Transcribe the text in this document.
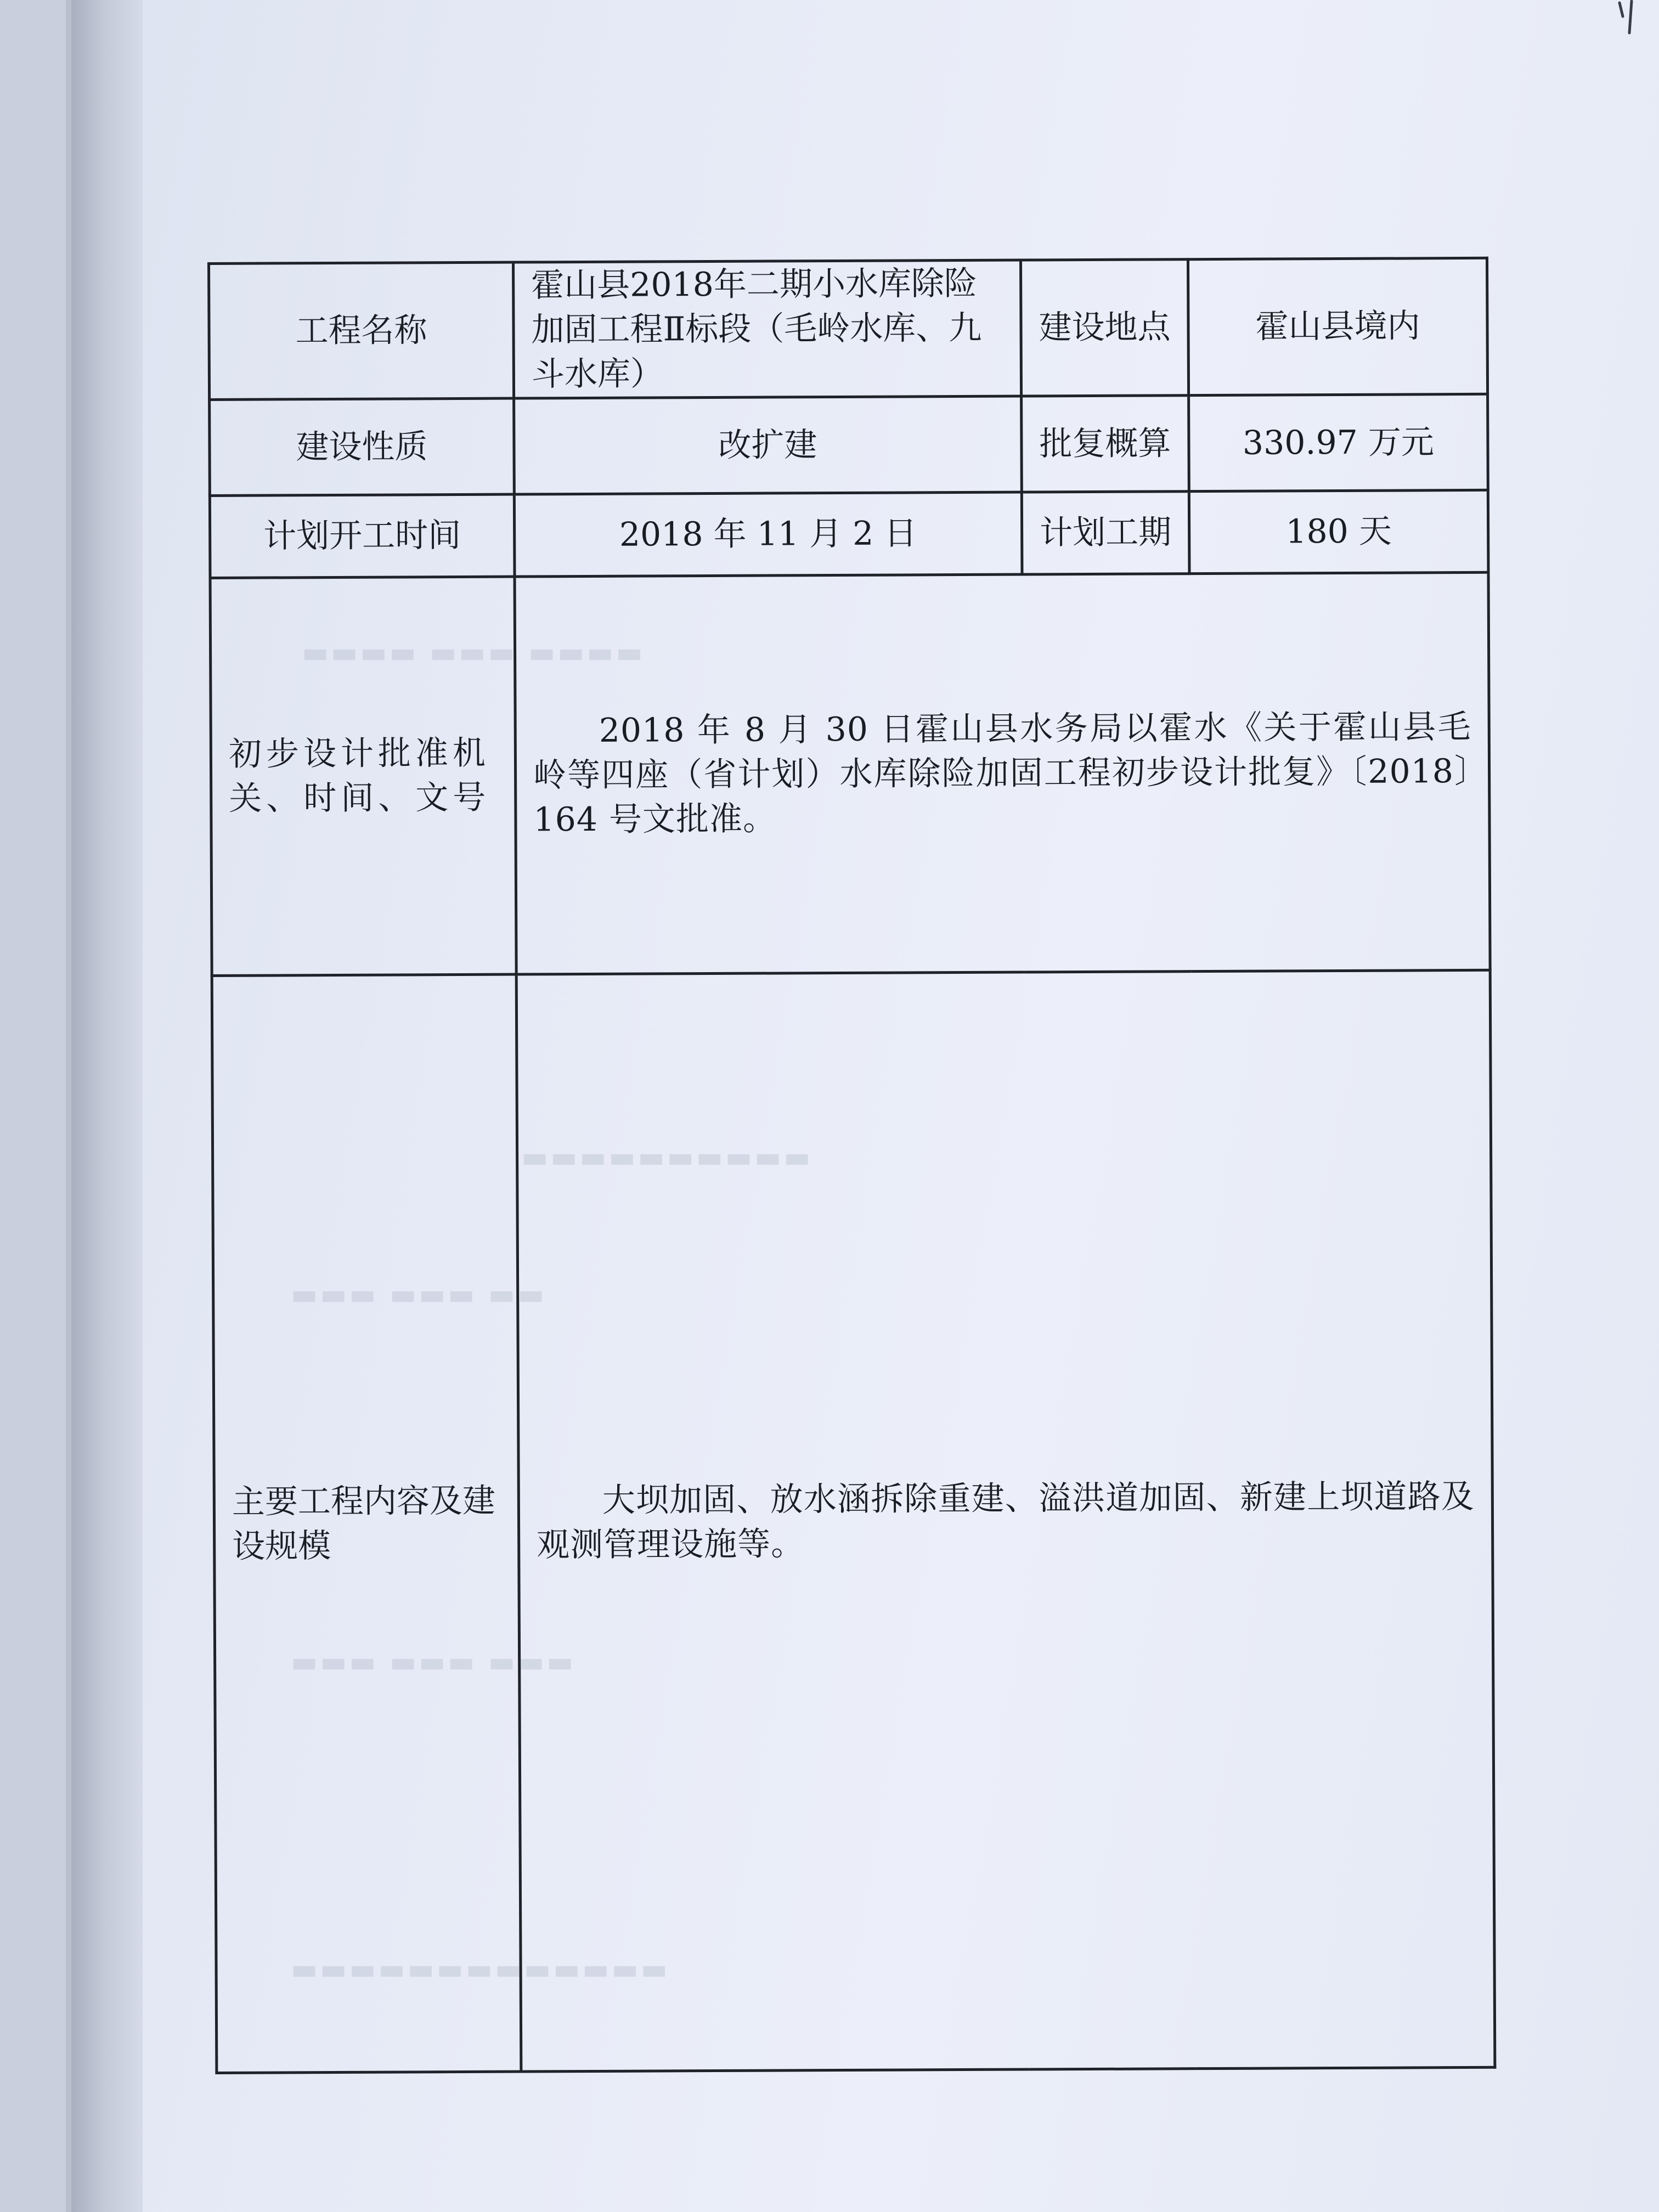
▬▬▬▬ ▬▬▬ ▬▬▬▬
▬▬▬▬▬▬▬▬▬▬
▬▬▬ ▬▬▬ ▬▬
▬▬▬ ▬▬▬ ▬▬▬
▬▬▬▬▬▬▬▬▬▬▬▬▬
工程名称	霍山县2018年二期小水库除险加固工程Ⅱ标段（毛岭水库、九斗水库）	建设地点	霍山县境内
建设性质	改扩建	批复概算	330.97 万元
计划开工时间	2018 年 11 月 2 日	计划工期	180 天
初步设计批准机关、时间、文号	2018 年 8 月 30 日霍山县水务局以霍水《关于霍山县毛岭等四座（省计划）水库除险加固工程初步设计批复》〔2018〕164 号文批准。		
主要工程内容及建设规模	大坝加固、放水涵拆除重建、溢洪道加固、新建上坝道路及观测管理设施等。		
